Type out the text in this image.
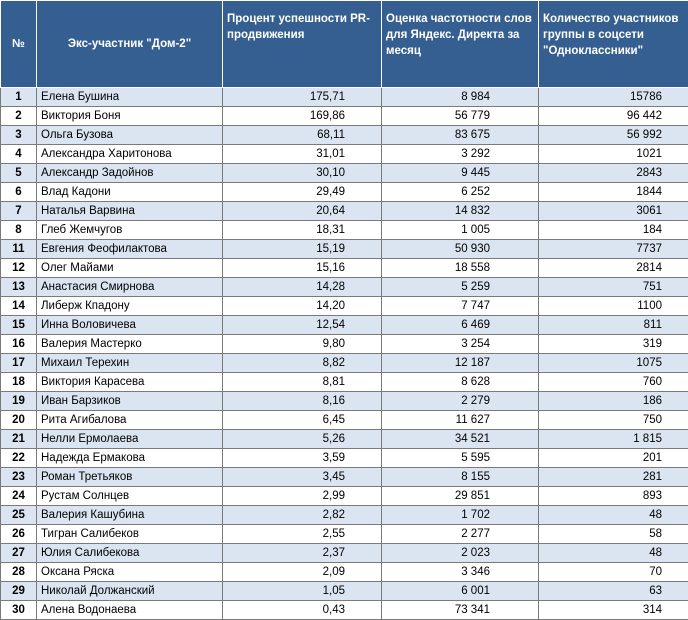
№	Экс-участник "Дом-2"	Процент успешности PR-продвижения	Оценка частотности слов для Яндекс. Директа за месяц	Количество участников группы в соцсети "Одноклассники"
1	Елена Бушина	175,71	8 984	15786
2	Виктория Боня	169,86	56 779	96 442
3	Ольга Бузова	68,11	83 675	56 992
4	Александра Харитонова	31,01	3 292	1021
5	Александр Задойнов	30,10	9 445	2843
6	Влад Кадони	29,49	6 252	1844
7	Наталья Варвина	20,64	14 832	3061
8	Глеб Жемчугов	18,31	1 005	184
11	Евгения Феофилактова	15,19	50 930	7737
12	Олег Майами	15,16	18 558	2814
13	Анастасия Смирнова	14,28	5 259	751
14	Либерж Кпадону	14,20	7 747	1100
15	Инна Воловичева	12,54	6 469	811
16	Валерия Мастерко	9,80	3 254	319
17	Михаил Терехин	8,82	12 187	1075
18	Виктория Карасева	8,81	8 628	760
19	Иван Барзиков	8,16	2 279	186
20	Рита Агибалова	6,45	11 627	750
21	Нелли Ермолаева	5,26	34 521	1 815
22	Надежда Ермакова	3,59	5 595	201
23	Роман Третьяков	3,45	8 155	281
24	Рустам Солнцев	2,99	29 851	893
25	Валерия Кашубина	2,82	1 702	48
26	Тигран Салибеков	2,55	2 277	58
27	Юлия Салибекова	2,37	2 023	48
28	Оксана Ряска	2,09	3 346	70
29	Николай Должанский	1,05	6 001	63
30	Алена Водонаева	0,43	73 341	314
